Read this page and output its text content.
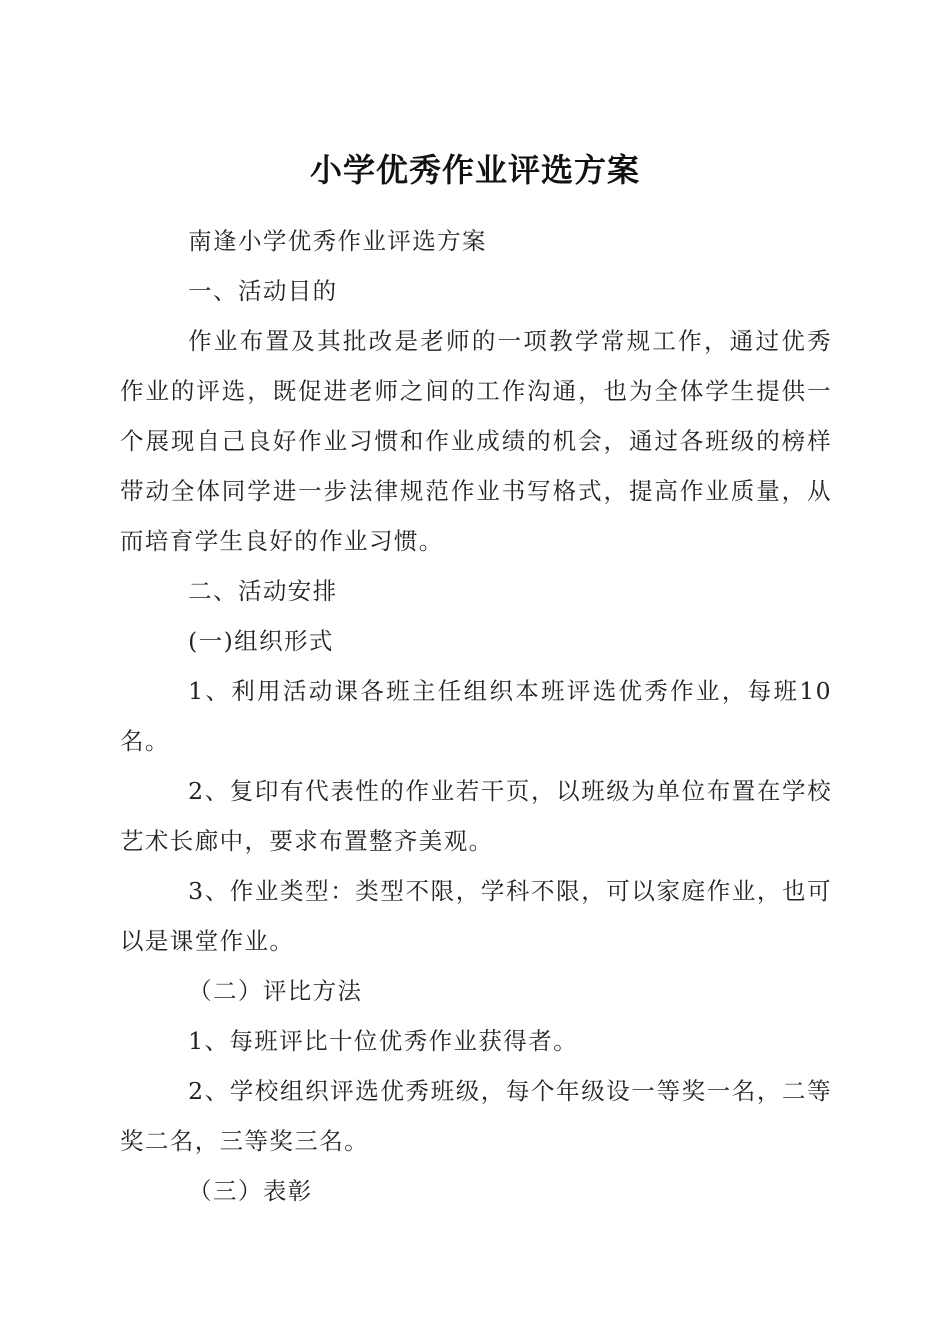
小学优秀作业评选方案

南逢小学优秀作业评选方案

一、活动目的

作业布置及其批改是老师的一项教学常规工作，通过优秀作业的评选，既促进老师之间的工作沟通，也为全体学生提供一个展现自己良好作业习惯和作业成绩的机会，通过各班级的榜样带动全体同学进一步法律规范作业书写格式，提高作业质量，从而培育学生良好的作业习惯。

二、活动安排

(一)组织形式

1、利用活动课各班主任组织本班评选优秀作业，每班10名。

2、复印有代表性的作业若干页，以班级为单位布置在学校艺术长廊中，要求布置整齐美观。

3、作业类型：类型不限，学科不限，可以家庭作业，也可以是课堂作业。

（二）评比方法

1、每班评比十位优秀作业获得者。

2、学校组织评选优秀班级，每个年级设一等奖一名，二等奖二名，三等奖三名。

（三）表彰
